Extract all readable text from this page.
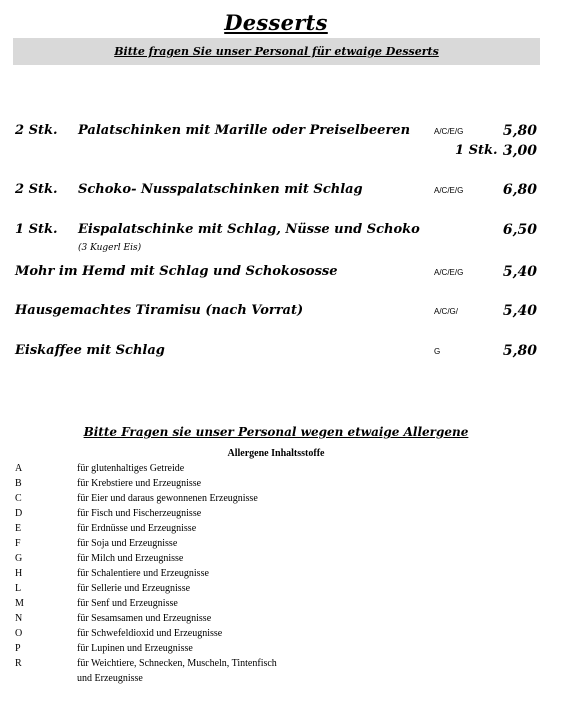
Desserts
Bitte fragen Sie unser Personal für etwaige Desserts
2 Stk. Palatschinken mit Marille oder Preiselbeeren	A/C/E/G	5,80
1 Stk. 3,00
2 Stk. Schoko- Nusspalatschinken mit Schlag	A/C/E/G	6,80
1 Stk. Eispalatschinke mit Schlag, Nüsse und Schoko	6,50
(3 Kugerl Eis)
Mohr im Hemd mit Schlag und Schokososse	A/C/E/G	5,40
Hausgemachtes Tiramisu (nach Vorrat)	A/C/G/	5,40
Eiskaffee mit Schlag	G	5,80
Bitte Fragen sie unser Personal wegen etwaige Allergene
Allergene Inhaltsstoffe
A	für glutenhaltiges Getreide
B	für Krebstiere und Erzeugnisse
C	für Eier und daraus gewonnenen Erzeugnisse
D	für Fisch und Fischerzeugnisse
E	für Erdnüsse und Erzeugnisse
F	für Soja und Erzeugnisse
G	für Milch und Erzeugnisse
H	für Schalentiere und Erzeugnisse
L	für Sellerie und Erzeugnisse
M	für Senf und Erzeugnisse
N	für Sesamsamen und Erzeugnisse
O	für Schwefeldioxid und Erzeugnisse
P	für Lupinen und Erzeugnisse
R	für Weichtiere, Schnecken, Muscheln, Tintenfisch
und Erzeugnisse
